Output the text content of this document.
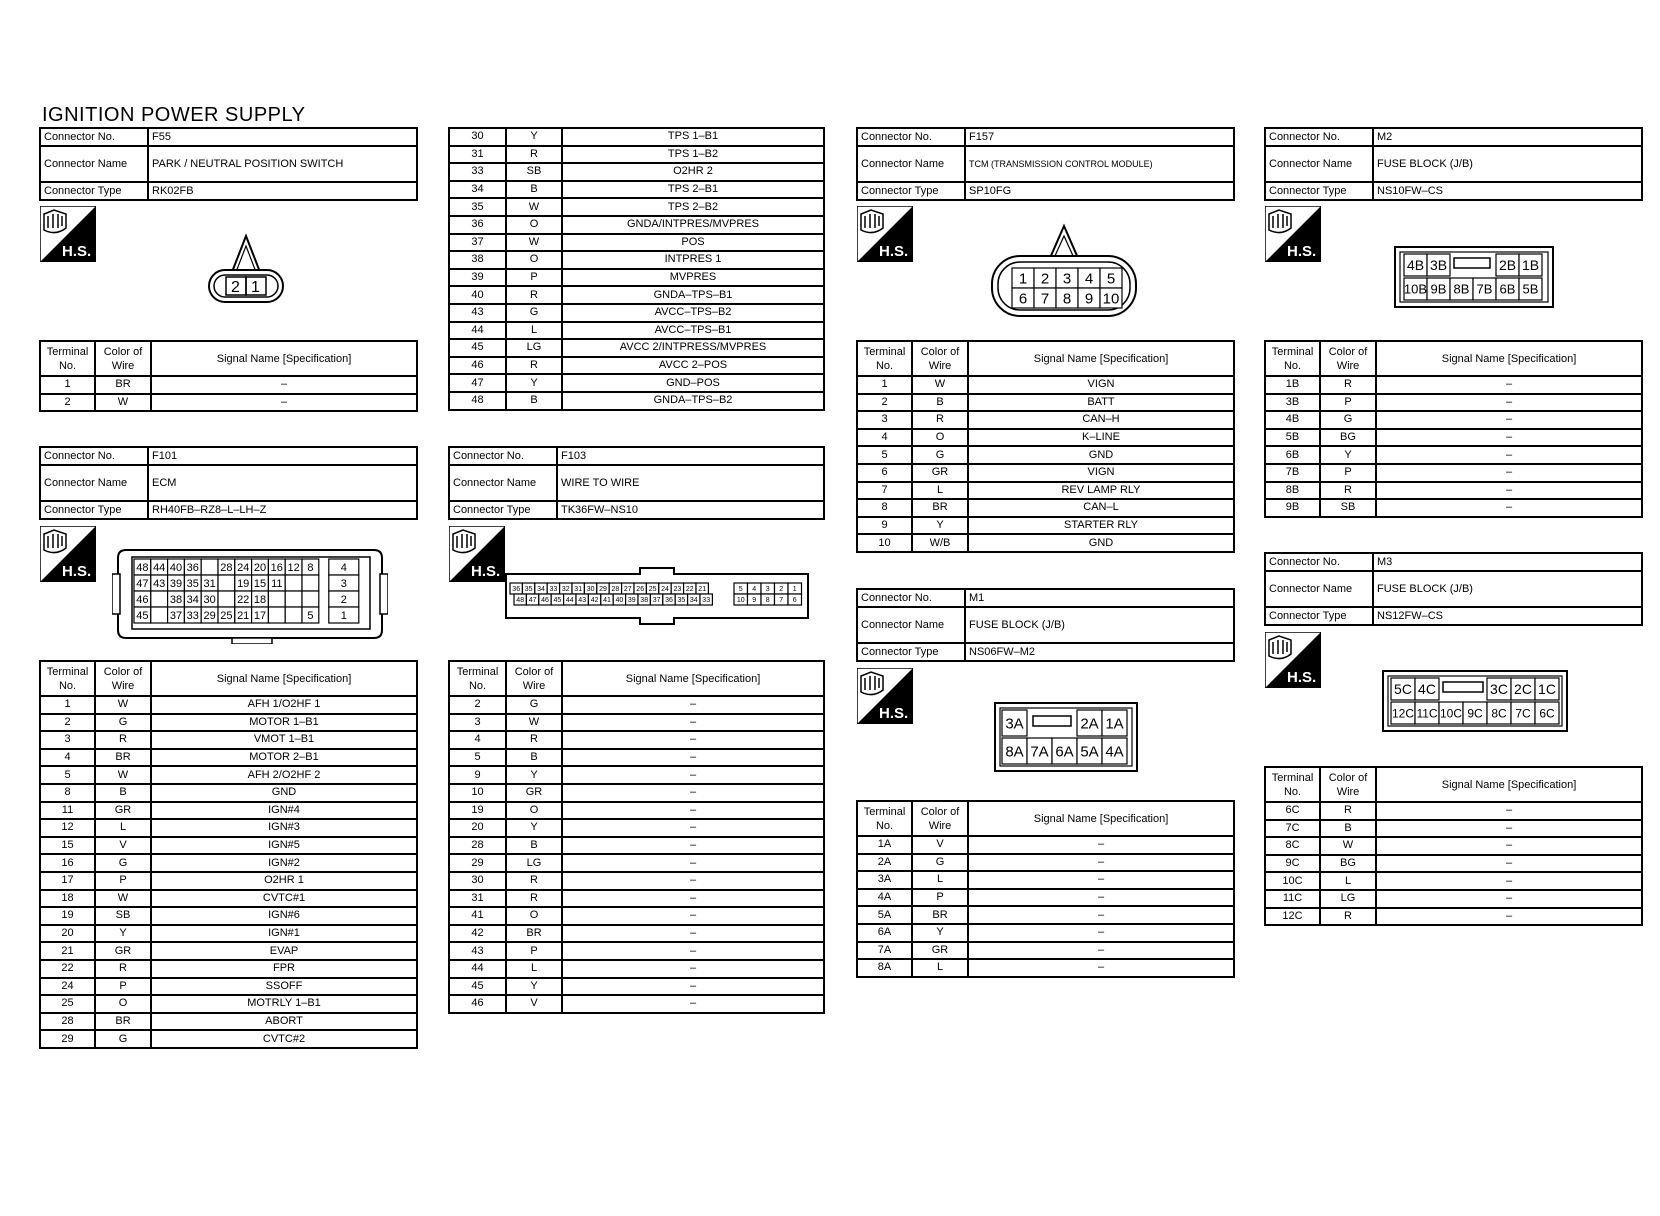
IGNITION POWER SUPPLY
Connector No.	F55
Connector Name	PARK / NEUTRAL POSITION SWITCH
Connector Type	RK02FB
H.S.
2 1
Terminal No.	Color of Wire	Signal Name [Specification]
1	BR	–
2	W	–
30	Y	TPS 1–B1
31	R	TPS 1–B2
33	SB	O2HR 2
34	B	TPS 2–B1
35	W	TPS 2–B2
36	O	GNDA/INTPRES/MVPRES
37	W	POS
38	O	INTPRES 1
39	P	MVPRES
40	R	GNDA–TPS–B1
43	G	AVCC–TPS–B2
44	L	AVCC–TPS–B1
45	LG	AVCC 2/INTPRESS/MVPRES
46	R	AVCC 2–POS
47	Y	GND–POS
48	B	GNDA–TPS–B2
Connector No.	F157
Connector Name	TCM (TRANSMISSION CONTROL MODULE)
Connector Type	SP10FG
H.S.
1 2 3 4 5
6 7 8 9 10
Terminal No.	Color of Wire	Signal Name [Specification]
1	W	VIGN
2	B	BATT
3	R	CAN–H
4	O	K–LINE
5	G	GND
6	GR	VIGN
7	L	REV LAMP RLY
8	BR	CAN–L
9	Y	STARTER RLY
10	W/B	GND
Connector No.	M2
Connector Name	FUSE BLOCK (J/B)
Connector Type	NS10FW–CS
H.S.
4B 3B	2B 1B
10B 9B 8B 7B 6B 5B
Terminal No.	Color of Wire	Signal Name [Specification]
1B	R	–
3B	P	–
4B	G	–
5B	BG	–
6B	Y	–
7B	P	–
8B	R	–
9B	SB	–
Connector No.	F101
Connector Name	ECM
Connector Type	RH40FB–RZ8–L–LH–Z
H.S.	48 44 40 36 28 24 20 16 12 8 4
47 43 39 35 31 19 15 11	3
46 38 34 30 22 18	2
45 37 33 29 25 21 17	5 1
Terminal No.	Color of Wire	Signal Name [Specification]
1	W	AFH 1/O2HF 1
2	G	MOTOR 1–B1
3	R	VMOT 1–B1
4	BR	MOTOR 2–B1
5	W	AFH 2/O2HF 2
8	B	GND
11	GR	IGN#4
12	L	IGN#3
15	V	IGN#5
16	G	IGN#2
17	P	O2HR 1
18	W	CVTC#1
19	SB	IGN#6
20	Y	IGN#1
21	GR	EVAP
22	R	FPR
24	P	SSOFF
25	O	MOTRLY 1–B1
28	BR	ABORT
29	G	CVTC#2
Connector No.	F103
Connector Name	WIRE TO WIRE
Connector Type	TK36FW–NS10
H.S.
36 35 34 33 32 31 30 29 28 27 26 25 24 23 22 21
48 47 46 45 44 43 42 41 40 39 38 37 36 35 34 33
5 4 3 2 1
10 9 8 7 6
Terminal No.	Color of Wire	Signal Name [Specification]
2	G	–
3	W	–
4	R	–
5	B	–
9	Y	–
10	GR	–
19	O	–
20	Y	–
28	B	–
29	LG	–
30	R	–
31	R	–
41	O	–
42	BR	–
43	P	–
44	L	–
45	Y	–
46	V	–
Connector No.	M1
Connector Name	FUSE BLOCK (J/B)
Connector Type	NS06FW–M2
H.S.
3A	2A 1A
8A 7A 6A 5A 4A
Terminal No.	Color of Wire	Signal Name [Specification]
1A	V	–
2A	G	–
3A	L	–
4A	P	–
5A	BR	–
6A	Y	–
7A	GR	–
8A	L	–
Connector No.	M3
Connector Name	FUSE BLOCK (J/B)
Connector Type	NS12FW–CS
H.S.
5C 4C	3C 2C 1C
12C 11C 10C 9C 8C 7C 6C
Terminal No.	Color of Wire	Signal Name [Specification]
6C	R	–
7C	B	–
8C	W	–
9C	BG	–
10C	L	–
11C	LG	–
12C	R	–
